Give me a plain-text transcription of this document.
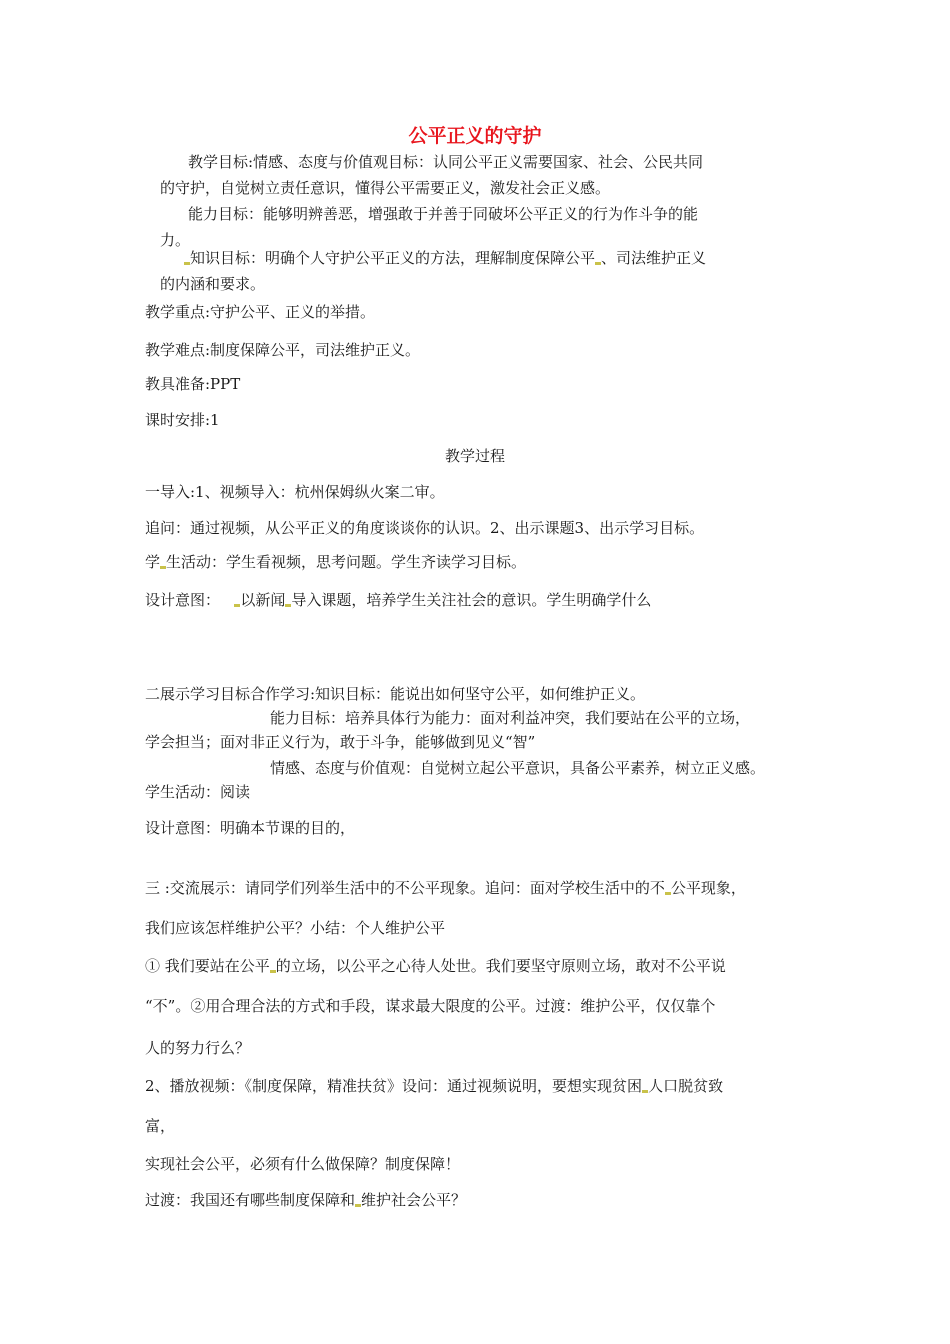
公平正义的守护
教学目标:情感、态度与价值观目标：认同公平正义需要国家、社会、公民共同
的守护，自觉树立责任意识，懂得公平需要正义，激发社会正义感。
能力目标：能够明辨善恶，增强敢于并善于同破坏公平正义的行为作斗争的能
力。
知识目标：明确个人守护公平正义的方法，理解制度保障公平 、司法维护正义
的内涵和要求。
教学重点:守护公平、正义的举措。
教学难点:制度保障公平，司法维护正义。
教具准备:PPT
课时安排:1
教学过程
一导入:1、视频导入：杭州保姆纵火案二审。
追问：通过视频，从公平正义的角度谈谈你的认识。2、出示课题3、出示学习目标。
学 生活动：学生看视频，思考问题。学生齐读学习目标。
设计意图： 以新闻 导入课题，培养学生关注社会的意识。学生明确学什么
二展示学习目标合作学习:知识目标：能说出如何坚守公平，如何维护正义。
能力目标：培养具体行为能力：面对利益冲突，我们要站在公平的立场，
学会担当；面对非正义行为，敢于斗争，能够做到见义“智”
情感、态度与价值观：自觉树立起公平意识，具备公平素养，树立正义感。
学生活动：阅读
设计意图：明确本节课的目的，
三 :交流展示：请同学们列举生活中的不公平现象。追问：面对学校生活中的不 公平现象，
我们应该怎样维护公平？小结：个人维护公平
① 我们要站在公平 的立场，以公平之心待人处世。我们要坚守原则立场，敢对不公平说
“不”。②用合理合法的方式和手段，谋求最大限度的公平。过渡：维护公平，仅仅靠个
人的努力行么？
2、播放视频：《制度保障，精准扶贫》设问：通过视频说明，要想实现贫困 人口脱贫致
富，
实现社会公平，必须有什么做保障？制度保障！
过渡：我国还有哪些制度保障和 维护社会公平？
